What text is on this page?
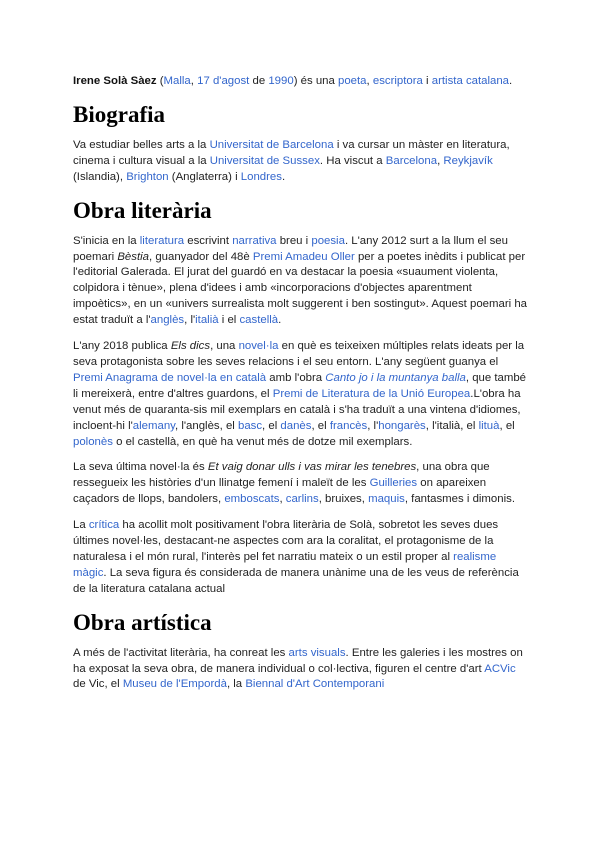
Irene Solà Sàez (Malla, 17 d'agost de 1990) és una poeta, escriptora i artista catalana.

Biografia

Va estudiar belles arts a la Universitat de Barcelona i va cursar un màster en literatura, cinema i cultura visual a la Universitat de Sussex. Ha viscut a Barcelona, Reykjavík (Islandia), Brighton (Anglaterra) i Londres.

Obra literària

S'inicia en la literatura escrivint narrativa breu i poesia. L'any 2012 surt a la llum el seu poemari Bèstia, guanyador del 48è Premi Amadeu Oller per a poetes inèdits i publicat per l'editorial Galerada. El jurat del guardó en va destacar la poesia «suaument violenta, colpidora i tènue», plena d'idees i amb «incorporacions d'objectes aparentment impoètics», en un «univers surrealista molt suggerent i ben sostingut». Aquest poemari ha estat traduït a l'anglès, l'italià i el castellà.

L'any 2018 publica Els dics, una novel·la en què es teixeixen múltiples relats ideats per la seva protagonista sobre les seves relacions i el seu entorn. L'any següent guanya el Premi Anagrama de novel·la en català amb l'obra Canto jo i la muntanya balla, que també li mereixerà, entre d'altres guardons, el Premi de Literatura de la Unió Europea.L'obra ha venut més de quaranta-sis mil exemplars en català i s'ha traduït a una vintena d'idiomes, incloent-hi l'alemany, l'anglès, el basc, el danès, el francès, l'hongarès, l'italià, el lituà, el polonès o el castellà, en què ha venut més de dotze mil exemplars.

La seva última novel·la és Et vaig donar ulls i vas mirar les tenebres, una obra que ressegueix les històries d'un llinatge femení i maleït de les Guilleries on apareixen caçadors de llops, bandolers, emboscats, carlins, bruixes, maquis, fantasmes i dimonis.

La crítica ha acollit molt positivament l'obra literària de Solà, sobretot les seves dues últimes novel·les, destacant-ne aspectes com ara la coralitat, el protagonisme de la naturalesa i el món rural, l'interès pel fet narratiu mateix o un estil proper al realisme màgic. La seva figura és considerada de manera unànime una de les veus de referència de la literatura catalana actual

Obra artística

A més de l'activitat literària, ha conreat les arts visuals. Entre les galeries i les mostres on ha exposat la seva obra, de manera individual o col·lectiva, figuren el centre d'art ACVic de Vic, el Museu de l'Empordà, la Biennal d'Art Contemporani
